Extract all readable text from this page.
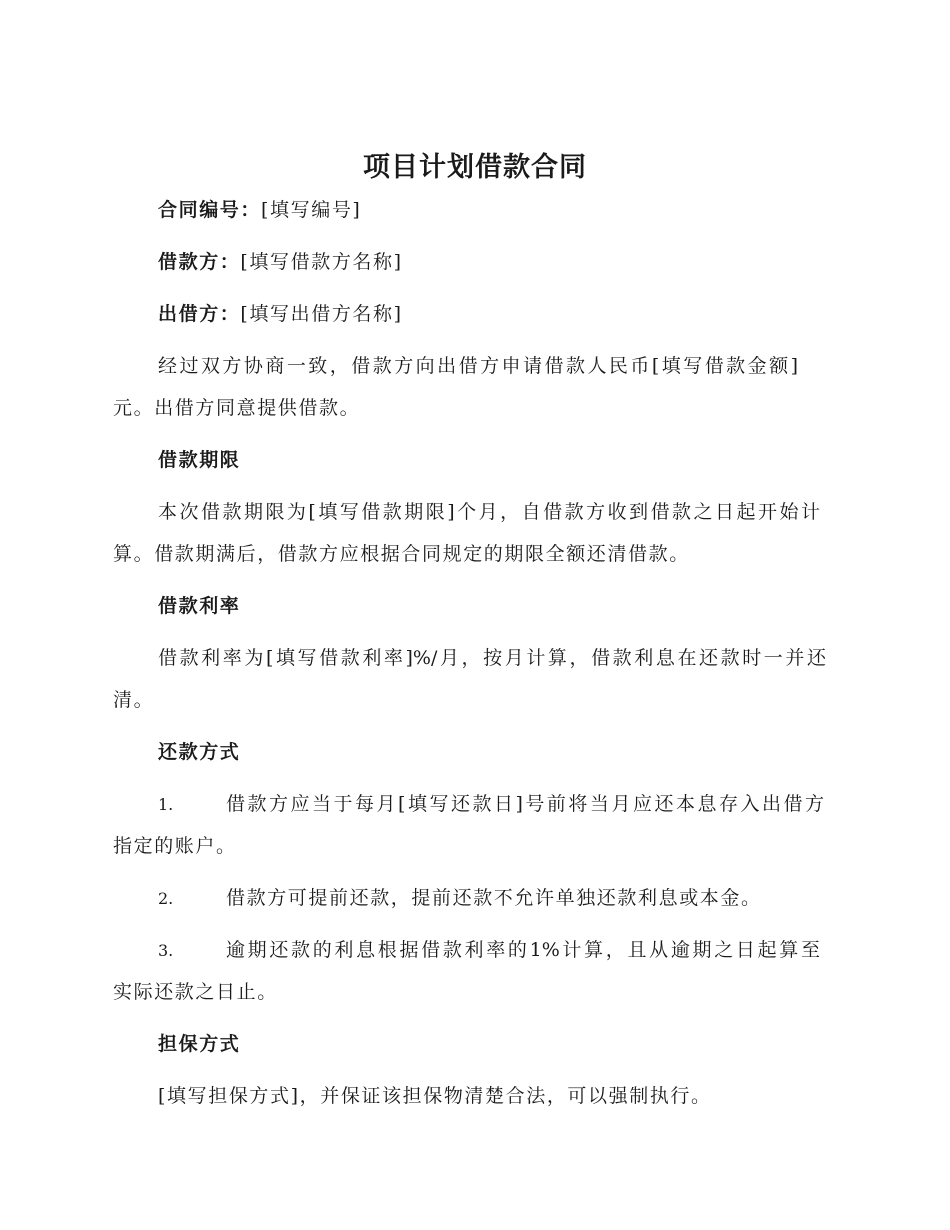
项目计划借款合同
合同编号：[填写编号]
借款方：[填写借款方名称]
出借方：[填写出借方名称]
经过双方协商一致，借款方向出借方申请借款人民币[填写借款金额]
元。出借方同意提供借款。
借款期限
本次借款期限为[填写借款期限]个月，自借款方收到借款之日起开始计
算。借款期满后，借款方应根据合同规定的期限全额还清借款。
借款利率
借款利率为[填写借款利率]%/月，按月计算，借款利息在还款时一并还
清。
还款方式
1.	借款方应当于每月[填写还款日]号前将当月应还本息存入出借方
指定的账户。
2.	借款方可提前还款，提前还款不允许单独还款利息或本金。
3.	逾期还款的利息根据借款利率的1%计算，且从逾期之日起算至
实际还款之日止。
担保方式
[填写担保方式]，并保证该担保物清楚合法，可以强制执行。
